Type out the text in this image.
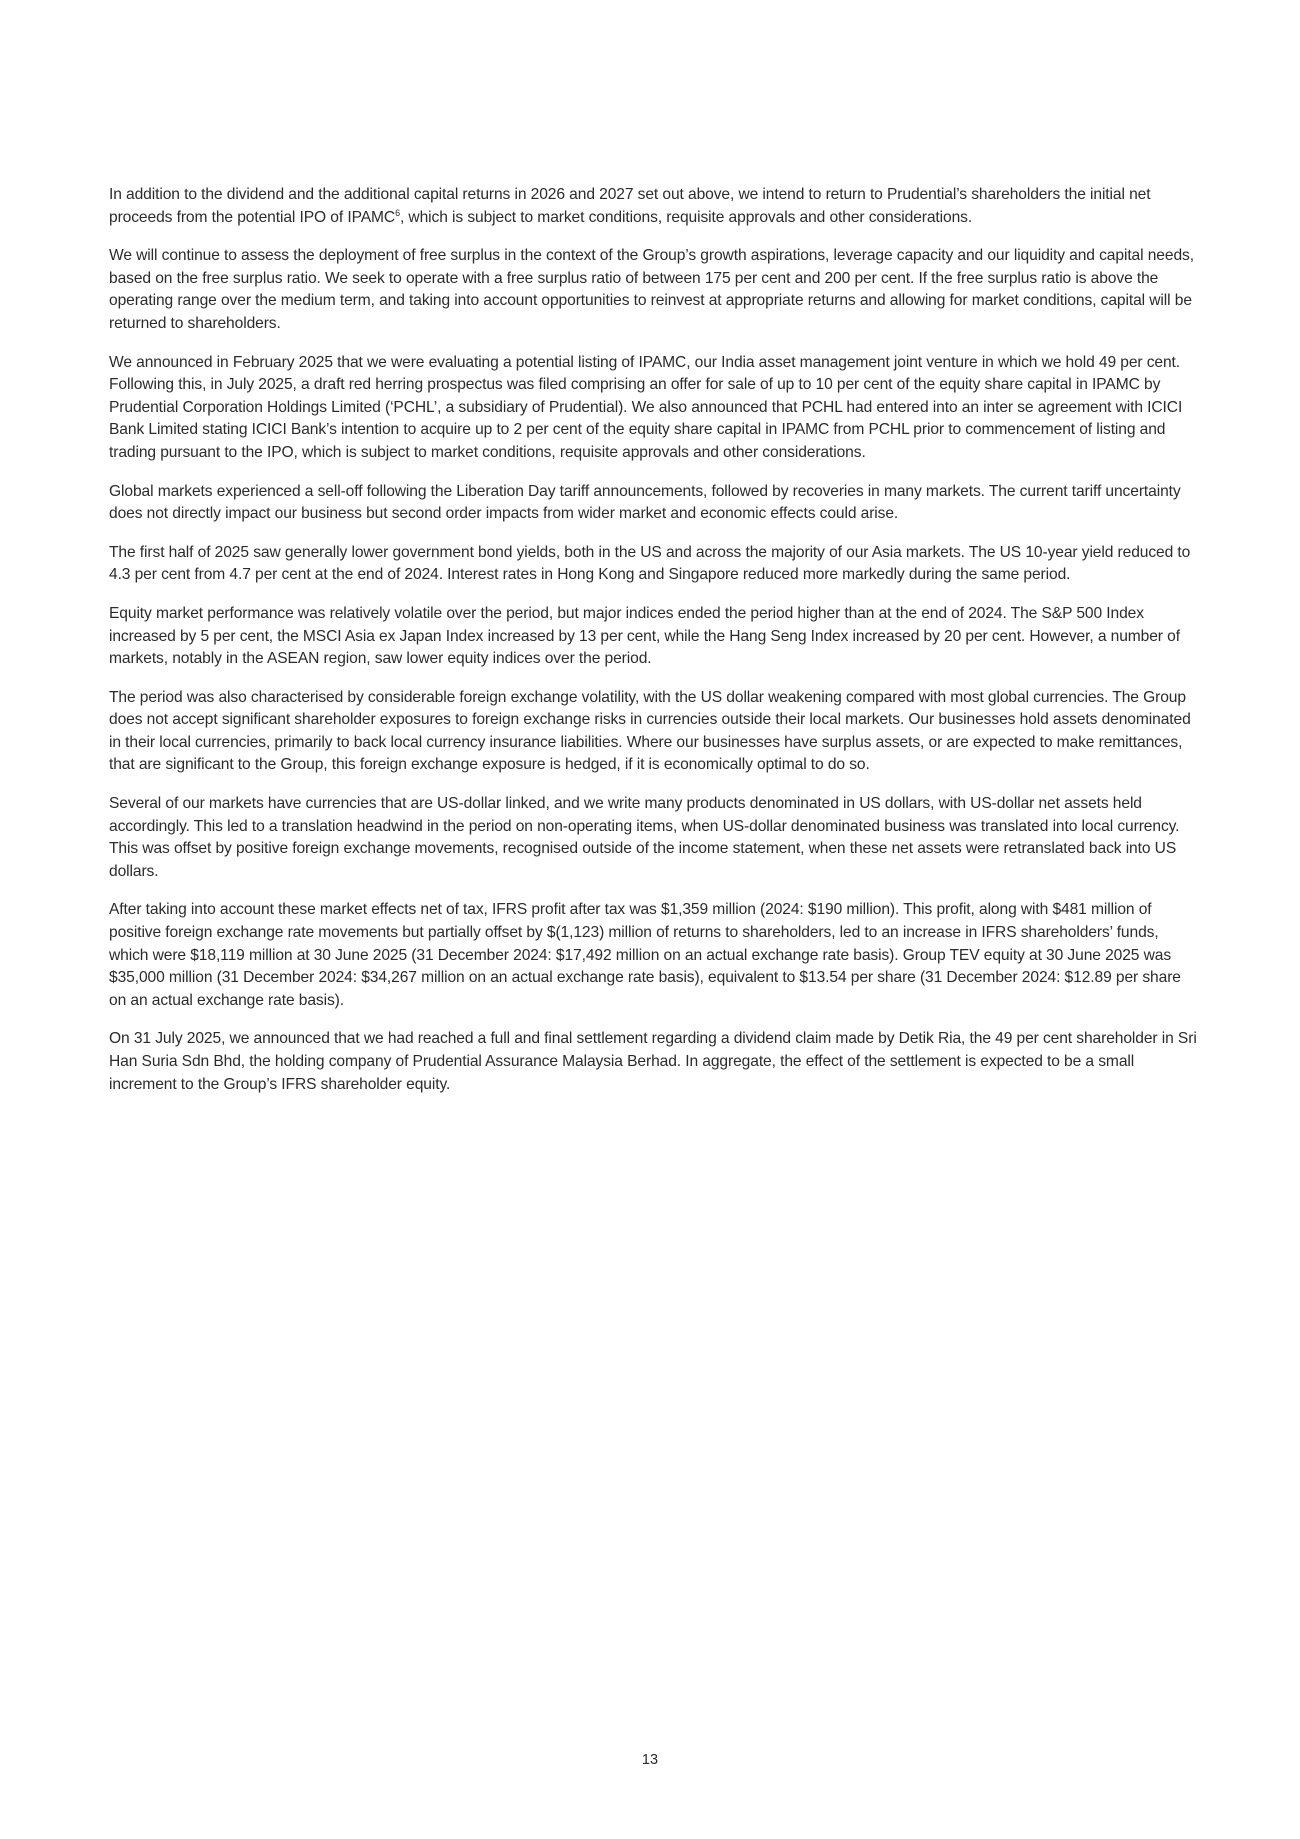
In addition to the dividend and the additional capital returns in 2026 and 2027 set out above, we intend to return to Prudential’s shareholders the initial net proceeds from the potential IPO of IPAMC$^6$, which is subject to market conditions, requisite approvals and other considerations.

We will continue to assess the deployment of free surplus in the context of the Group’s growth aspirations, leverage capacity and our liquidity and capital needs, based on the free surplus ratio. We seek to operate with a free surplus ratio of between 175 per cent and 200 per cent. If the free surplus ratio is above the operating range over the medium term, and taking into account opportunities to reinvest at appropriate returns and allowing for market conditions, capital will be returned to shareholders.

We announced in February 2025 that we were evaluating a potential listing of IPAMC, our India asset management joint venture in which we hold 49 per cent. Following this, in July 2025, a draft red herring prospectus was filed comprising an offer for sale of up to 10 per cent of the equity share capital in IPAMC by Prudential Corporation Holdings Limited (‘PCHL’, a subsidiary of Prudential). We also announced that PCHL had entered into an inter se agreement with ICICI Bank Limited stating ICICI Bank’s intention to acquire up to 2 per cent of the equity share capital in IPAMC from PCHL prior to commencement of listing and trading pursuant to the IPO, which is subject to market conditions, requisite approvals and other considerations.

Global markets experienced a sell-off following the Liberation Day tariff announcements, followed by recoveries in many markets. The current tariff uncertainty does not directly impact our business but second order impacts from wider market and economic effects could arise.

The first half of 2025 saw generally lower government bond yields, both in the US and across the majority of our Asia markets. The US 10-year yield reduced to 4.3 per cent from 4.7 per cent at the end of 2024. Interest rates in Hong Kong and Singapore reduced more markedly during the same period.

Equity market performance was relatively volatile over the period, but major indices ended the period higher than at the end of 2024. The S&P 500 Index increased by 5 per cent, the MSCI Asia ex Japan Index increased by 13 per cent, while the Hang Seng Index increased by 20 per cent. However, a number of markets, notably in the ASEAN region, saw lower equity indices over the period.

The period was also characterised by considerable foreign exchange volatility, with the US dollar weakening compared with most global currencies. The Group does not accept significant shareholder exposures to foreign exchange risks in currencies outside their local markets. Our businesses hold assets denominated in their local currencies, primarily to back local currency insurance liabilities. Where our businesses have surplus assets, or are expected to make remittances, that are significant to the Group, this foreign exchange exposure is hedged, if it is economically optimal to do so.

Several of our markets have currencies that are US-dollar linked, and we write many products denominated in US dollars, with US-dollar net assets held accordingly. This led to a translation headwind in the period on non-operating items, when US-dollar denominated business was translated into local currency. This was offset by positive foreign exchange movements, recognised outside of the income statement, when these net assets were retranslated back into US dollars.

After taking into account these market effects net of tax, IFRS profit after tax was $1,359 million (2024: $190 million). This profit, along with $481 million of positive foreign exchange rate movements but partially offset by $(1,123) million of returns to shareholders, led to an increase in IFRS shareholders’ funds, which were $18,119 million at 30 June 2025 (31 December 2024: $17,492 million on an actual exchange rate basis). Group TEV equity at 30 June 2025 was $35,000 million (31 December 2024: $34,267 million on an actual exchange rate basis), equivalent to $13.54 per share (31 December 2024: $12.89 per share on an actual exchange rate basis).

On 31 July 2025, we announced that we had reached a full and final settlement regarding a dividend claim made by Detik Ria, the 49 per cent shareholder in Sri Han Suria Sdn Bhd, the holding company of Prudential Assurance Malaysia Berhad. In aggregate, the effect of the settlement is expected to be a small increment to the Group’s IFRS shareholder equity.

13
